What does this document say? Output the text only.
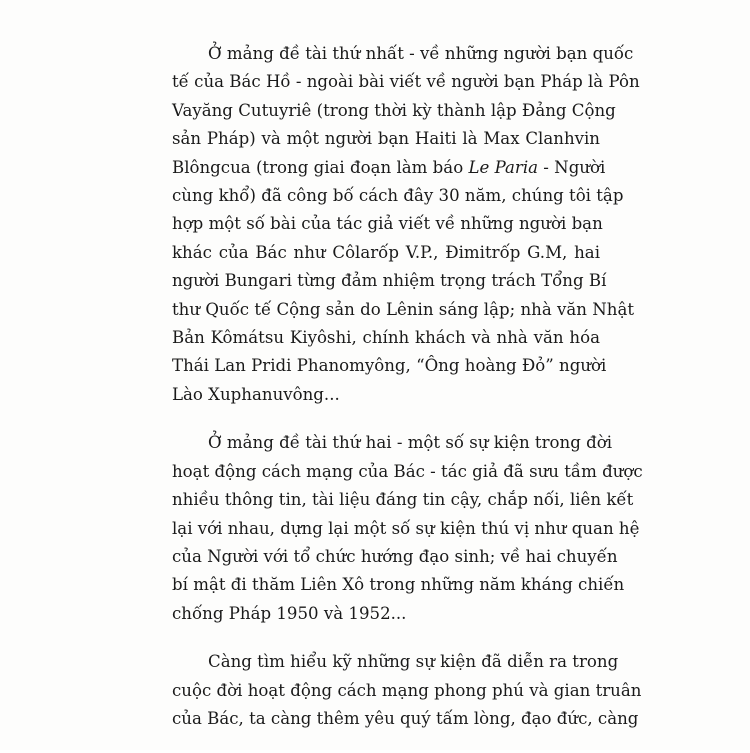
Ở mảng đề tài thứ nhất - về những người bạn quốc
tế của Bác Hồ - ngoài bài viết về người bạn Pháp là Pôn
Vayăng Cutuyriê (trong thời kỳ thành lập Đảng Cộng
sản Pháp) và một người bạn Haiti là Max Clanhvin
Blôngcua (trong giai đoạn làm báo Le Paria - Người
cùng khổ) đã công bố cách đây 30 năm, chúng tôi tập
hợp một số bài của tác giả viết về những người bạn
khác của Bác như Côlarốp V.P., Đimitrốp G.M, hai
người Bungari từng đảm nhiệm trọng trách Tổng Bí
thư Quốc tế Cộng sản do Lênin sáng lập; nhà văn Nhật
Bản Kômátsu Kiyôshi, chính khách và nhà văn hóa
Thái Lan Pridi Phanomyông, “Ông hoàng Đỏ” người
Lào Xuphanuvông...

Ở mảng đề tài thứ hai - một số sự kiện trong đời
hoạt động cách mạng của Bác - tác giả đã sưu tầm được
nhiều thông tin, tài liệu đáng tin cậy, chắp nối, liên kết
lại với nhau, dựng lại một số sự kiện thú vị như quan hệ
của Người với tổ chức hướng đạo sinh; về hai chuyến
bí mật đi thăm Liên Xô trong những năm kháng chiến
chống Pháp 1950 và 1952...

Càng tìm hiểu kỹ những sự kiện đã diễn ra trong
cuộc đời hoạt động cách mạng phong phú và gian truân
của Bác, ta càng thêm yêu quý tấm lòng, đạo đức, càng
